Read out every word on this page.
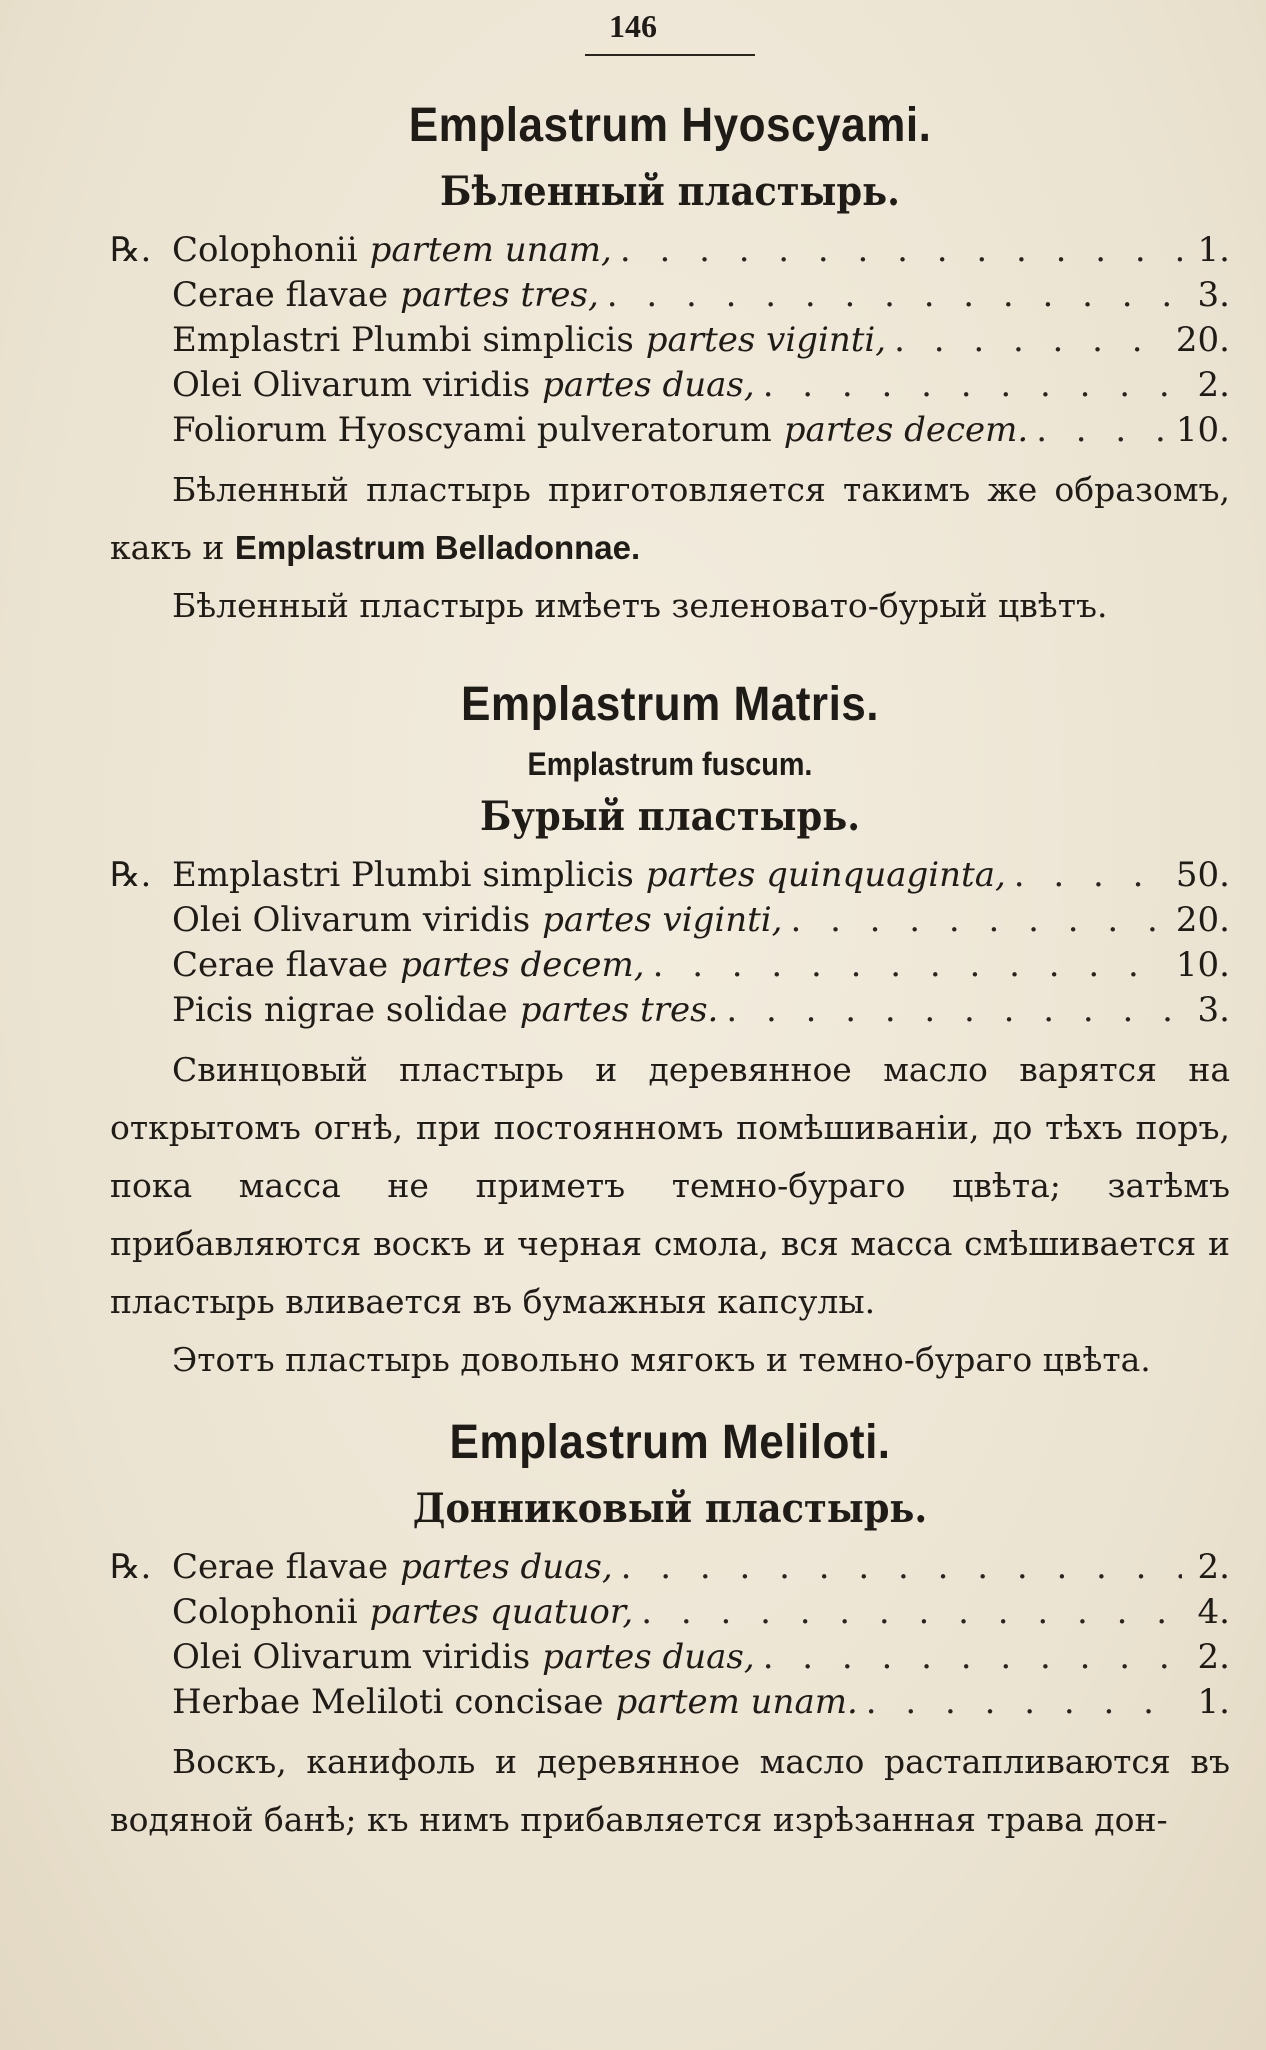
146
Emplastrum Hyoscyami.
Бѣленный пластырь.
℞. Colophonii partem unam, . . .	1.
Cerae flavae partes tres, . . .	3.
Emplastri Plumbi simplicis partes viginti, . . .	20.
Olei Olivarum viridis partes duas, . . .	2.
Foliorum Hyoscyami pulveratorum partes decem. . . .	10.

Бѣленный пластырь приготовляется такимъ же образомъ, какъ и Emplastrum Belladonnae.

Бѣленный пластырь имѣетъ зеленовато-бурый цвѣтъ.

Emplastrum Matris.
Emplastrum fuscum.
Бурый пластырь.
℞. Emplastri Plumbi simplicis partes quinquaginta, . . .	50.
Olei Olivarum viridis partes viginti, . . .	20.
Cerae flavae partes decem, . . .	10.
Picis nigrae solidae partes tres. . . .	3.

Свинцовый пластырь и деревянное масло варятся на открытомъ огнѣ, при постоянномъ помѣшиваніи, до тѣхъ поръ, пока масса не приметъ темно-бураго цвѣта; затѣмъ прибавляются воскъ и черная смола, вся масса смѣшивается и пластырь вливается въ бумажныя капсулы.

Этотъ пластырь довольно мягокъ и темно-бураго цвѣта.

Emplastrum Meliloti.
Донниковый пластырь.
℞. Cerae flavae partes duas, . . .	2.
Colophonii partes quatuor, . . .	4.
Olei Olivarum viridis partes duas, . . .	2.
Herbae Meliloti concisae partem unam. . . .	1.

Воскъ, канифоль и деревянное масло растапливаются въ водяной банѣ; къ нимъ прибавляется изрѣзанная трава дон-
